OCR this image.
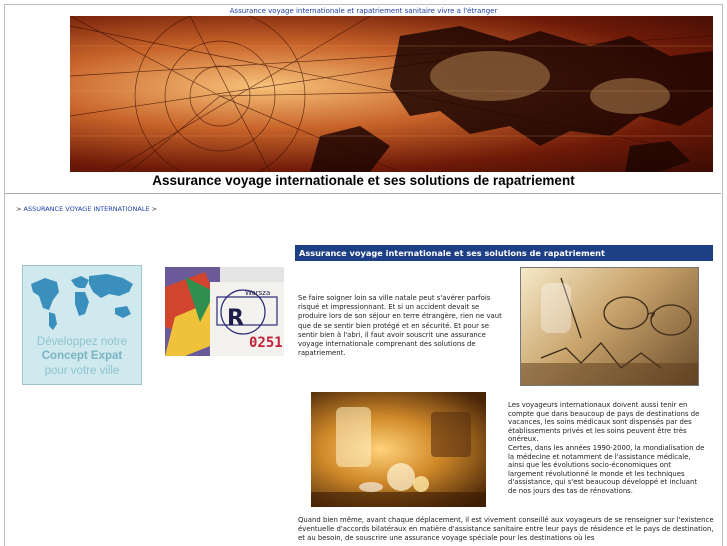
Assurance voyage internationale et rapatriement sanitaire vivre a l'étranger
Assurance voyage internationale et ses solutions de rapatriement
> ASSURANCE VOYAGE INTERNATIONALE >
Développez notre
Concept Expat
pour votre ville
R
Warsza
0251
Assurance voyage internationale et ses solutions de rapatriement
Se faire soigner loin sa ville natale peut s'avérer parfois risqué et impressionnant. Et si un accident devait se produire lors de son séjour en terre étrangère, rien ne vaut que de se sentir bien protégé et en sécurité. Et pour se sentir bien à l'abri, il faut avoir souscrit une assurance voyage internationale comprenant des solutions de rapatriement.
Les voyageurs internationaux doivent aussi tenir en compte que dans beaucoup de pays de destinations de vacances, les soins médicaux sont dispensés par des établissements privés et les soins peuvent être très onéreux.
Certes, dans les années 1990-2000, la mondialisation de la médecine et notamment de l'assistance médicale, ainsi que les évolutions socio-économiques ont largement révolutionné le monde et les techniques d'assistance, qui s'est beaucoup développé et incluant de nos jours des tas de rénovations.
Quand bien même, avant chaque déplacement, il est vivement conseillé aux voyageurs de se renseigner sur l'existence éventuelle d'accords bilatéraux en matière d'assistance sanitaire entre leur pays de résidence et le pays de destination, et au besoin, de souscrire une assurance voyage spéciale pour les destinations où les
